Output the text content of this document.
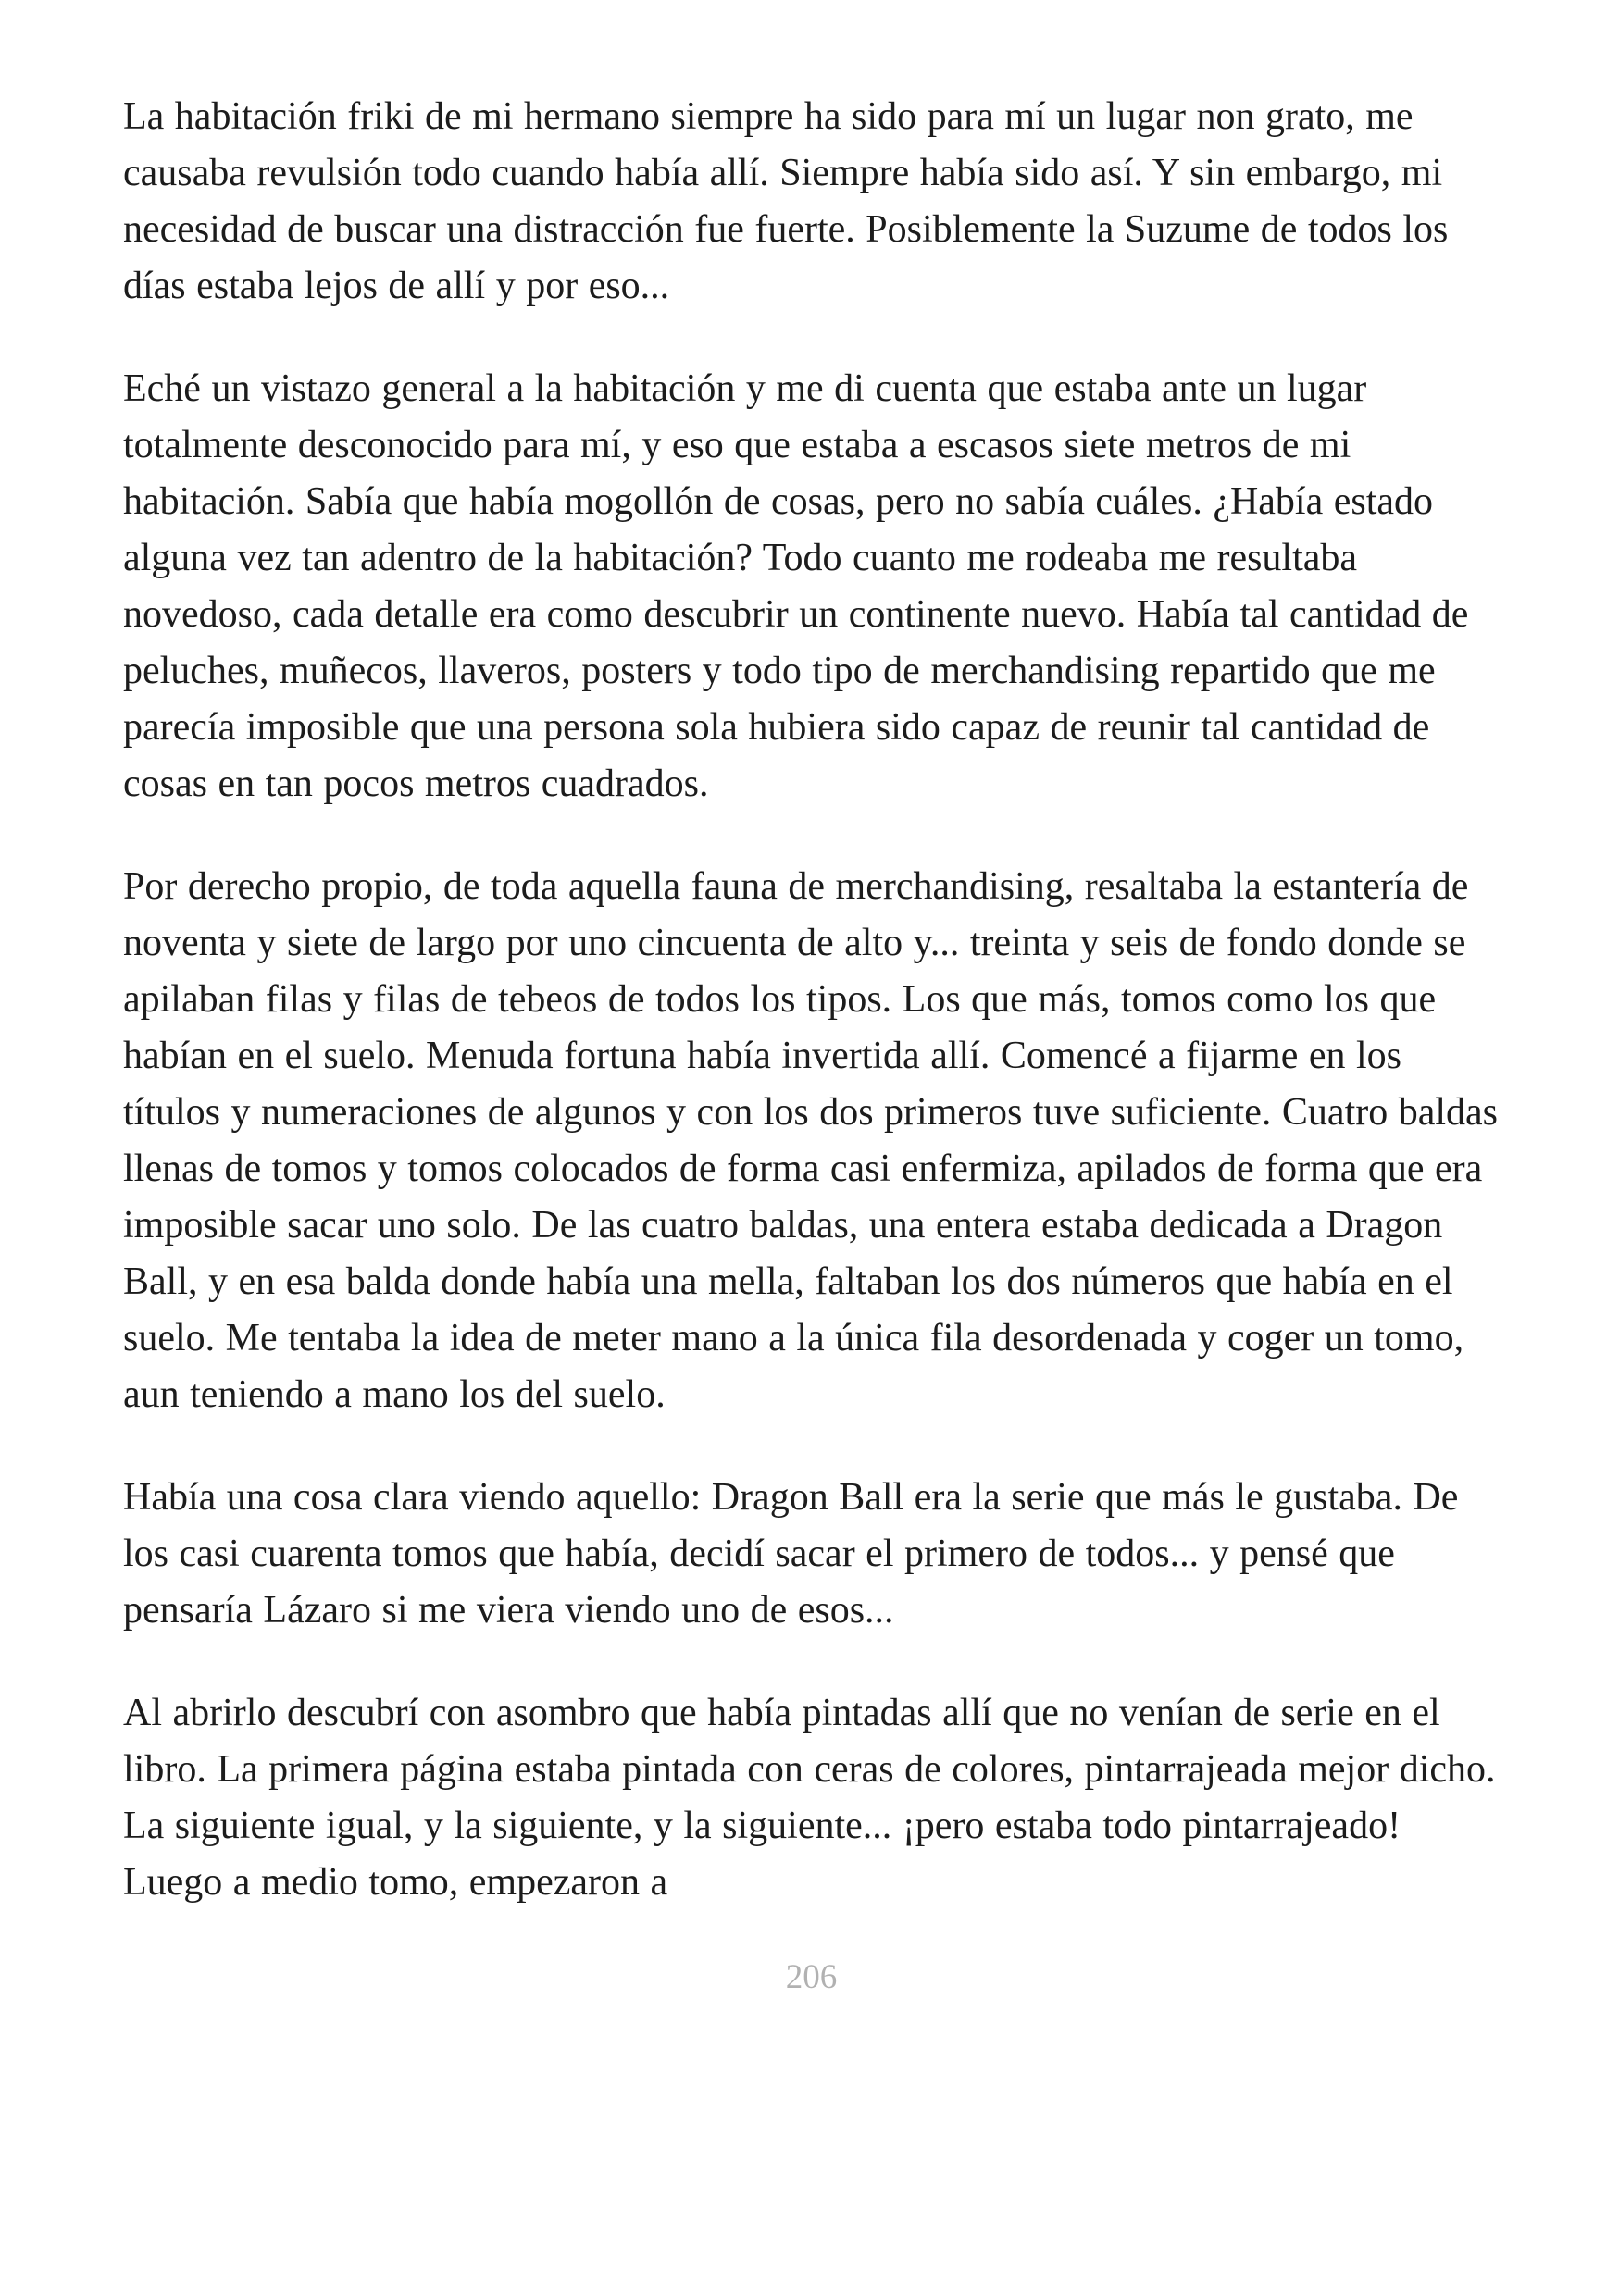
La habitación friki de mi hermano siempre ha sido para mí un lugar non grato, me causaba revulsión todo cuando había allí. Siempre había sido así. Y sin embargo, mi necesidad de buscar una distracción fue fuerte. Posiblemente la Suzume de todos los días estaba lejos de allí y por eso...

Eché un vistazo general a la habitación y me di cuenta que estaba ante un lugar totalmente desconocido para mí, y eso que estaba a escasos siete metros de mi habitación. Sabía que había mogollón de cosas, pero no sabía cuáles. ¿Había estado alguna vez tan adentro de la habitación? Todo cuanto me rodeaba me resultaba novedoso, cada detalle era como descubrir un continente nuevo. Había tal cantidad de peluches, muñecos, llaveros, posters y todo tipo de merchandising repartido que me parecía imposible que una persona sola hubiera sido capaz de reunir tal cantidad de cosas en tan pocos metros cuadrados.

Por derecho propio, de toda aquella fauna de merchandising, resaltaba la estantería de noventa y siete de largo por uno cincuenta de alto y... treinta y seis de fondo donde se apilaban filas y filas de tebeos de todos los tipos. Los que más, tomos como los que habían en el suelo. Menuda fortuna había invertida allí. Comencé a fijarme en los títulos y numeraciones de algunos y con los dos primeros tuve suficiente. Cuatro baldas llenas de tomos y tomos colocados de forma casi enfermiza, apilados de forma que era imposible sacar uno solo. De las cuatro baldas, una entera estaba dedicada a Dragon Ball, y en esa balda donde había una mella, faltaban los dos números que había en el suelo. Me tentaba la idea de meter mano a la única fila desordenada y coger un tomo, aun teniendo a mano los del suelo.

Había una cosa clara viendo aquello: Dragon Ball era la serie que más le gustaba. De los casi cuarenta tomos que había, decidí sacar el primero de todos... y pensé que pensaría Lázaro si me viera viendo uno de esos...

Al abrirlo descubrí con asombro que había pintadas allí que no venían de serie en el libro. La primera página estaba pintada con ceras de colores, pintarrajeada mejor dicho. La siguiente igual, y la siguiente, y la siguiente... ¡pero estaba todo pintarrajeado! Luego a medio tomo, empezaron a

206
